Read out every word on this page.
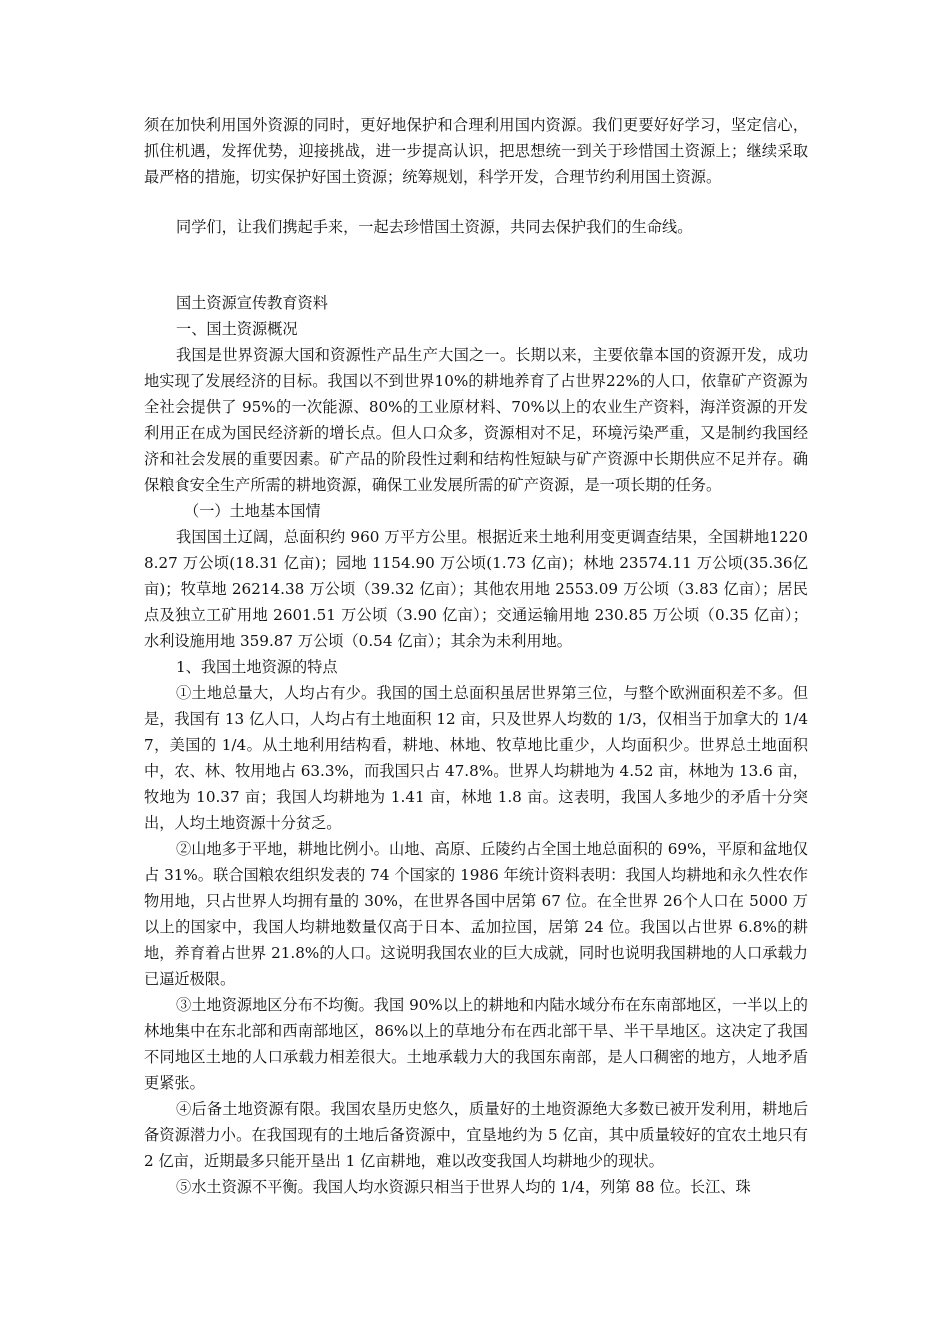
须在加快利用国外资源的同时，更好地保护和合理利用国内资源。我们更要好好学习，坚定信心，抓住机遇，发挥优势，迎接挑战，进一步提高认识，把思想统一到关于珍惜国土资源上；继续采取最严格的措施，切实保护好国土资源；统筹规划，科学开发，合理节约利用国土资源。

同学们，让我们携起手来，一起去珍惜国土资源，共同去保护我们的生命线。

国土资源宣传教育资料

一、国土资源概况

我国是世界资源大国和资源性产品生产大国之一。长期以来，主要依靠本国的资源开发，成功地实现了发展经济的目标。我国以不到世界10%的耕地养育了占世界22%的人口，依靠矿产资源为全社会提供了 95%的一次能源、80%的工业原材料、70%以上的农业生产资料，海洋资源的开发利用正在成为国民经济新的增长点。但人口众多，资源相对不足，环境污染严重，又是制约我国经济和社会发展的重要因素。矿产品的阶段性过剩和结构性短缺与矿产资源中长期供应不足并存。确保粮食安全生产所需的耕地资源，确保工业发展所需的矿产资源，是一项长期的任务。

（一）土地基本国情

我国国土辽阔，总面积约 960 万平方公里。根据近来土地利用变更调查结果，全国耕地12208.27 万公顷(18.31 亿亩)；园地 1154.90 万公顷(1.73 亿亩)；林地 23574.11 万公顷(35.36亿亩)；牧草地 26214.38 万公顷（39.32 亿亩）；其他农用地 2553.09 万公顷（3.83 亿亩）；居民点及独立工矿用地 2601.51 万公顷（3.90 亿亩）；交通运输用地 230.85 万公顷（0.35 亿亩）；水利设施用地 359.87 万公顷（0.54 亿亩）；其余为未利用地。

1、我国土地资源的特点

①土地总量大，人均占有少。我国的国土总面积虽居世界第三位，与整个欧洲面积差不多。但是，我国有 13 亿人口，人均占有土地面积 12 亩，只及世界人均数的 1/3，仅相当于加拿大的 1/47，美国的 1/4。从土地利用结构看，耕地、林地、牧草地比重少，人均面积少。世界总土地面积中，农、林、牧用地占 63.3%，而我国只占 47.8%。世界人均耕地为 4.52 亩，林地为 13.6 亩，牧地为 10.37 亩；我国人均耕地为 1.41 亩，林地 1.8 亩。这表明，我国人多地少的矛盾十分突出，人均土地资源十分贫乏。

②山地多于平地，耕地比例小。山地、高原、丘陵约占全国土地总面积的 69%，平原和盆地仅占 31%。联合国粮农组织发表的 74 个国家的 1986 年统计资料表明：我国人均耕地和永久性农作物用地，只占世界人均拥有量的 30%，在世界各国中居第 67 位。在全世界 26个人口在 5000 万以上的国家中，我国人均耕地数量仅高于日本、孟加拉国，居第 24 位。我国以占世界 6.8%的耕地，养育着占世界 21.8%的人口。这说明我国农业的巨大成就，同时也说明我国耕地的人口承载力已逼近极限。

③土地资源地区分布不均衡。我国 90%以上的耕地和内陆水域分布在东南部地区，一半以上的林地集中在东北部和西南部地区，86%以上的草地分布在西北部干旱、半干旱地区。这决定了我国不同地区土地的人口承载力相差很大。土地承载力大的我国东南部，是人口稠密的地方，人地矛盾更紧张。

④后备土地资源有限。我国农垦历史悠久，质量好的土地资源绝大多数已被开发利用，耕地后备资源潜力小。在我国现有的土地后备资源中，宜垦地约为 5 亿亩，其中质量较好的宜农土地只有 2 亿亩，近期最多只能开垦出 1 亿亩耕地，难以改变我国人均耕地少的现状。

⑤水土资源不平衡。我国人均水资源只相当于世界人均的 1/4，列第 88 位。长江、珠
